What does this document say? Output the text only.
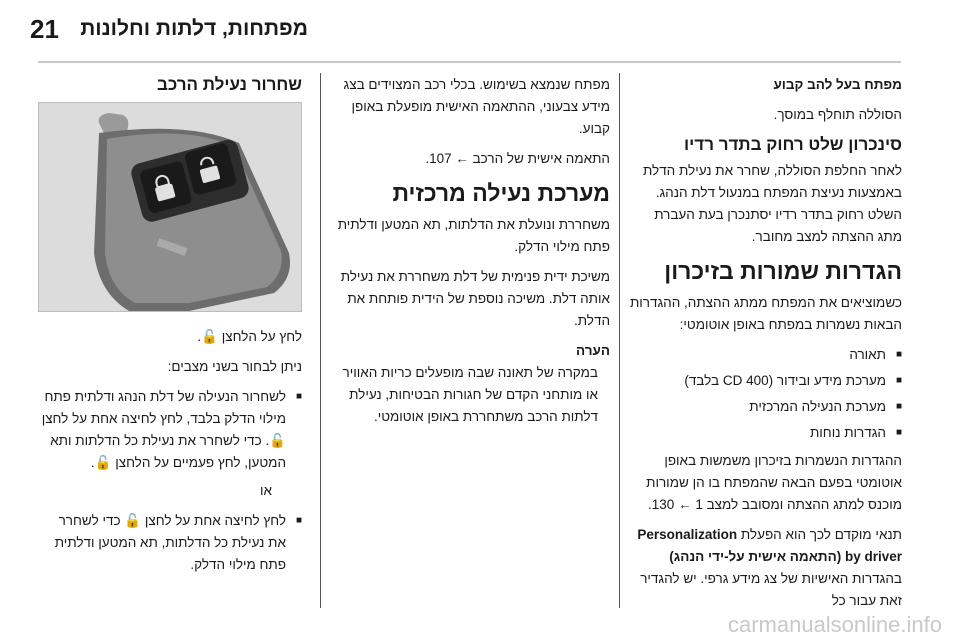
21 מפתחות, דלתות וחלונות

מפתח בעל להב קבוע

הסוללה תוחלף במוסך.

סינכרון שלט רחוק בתדר רדיו

לאחר החלפת הסוללה, שחרר את נעילת הדלת באמצעות נעיצת המפתח במנעול דלת הנהג. השלט רחוק בתדר רדיו יסתנכרן בעת העברת מתג ההצתה למצב מחובר.

הגדרות שמורות בזיכרון

כשמוציאים את המפתח ממתג ההצתה, ההגדרות הבאות נשמרות במפתח באופן אוטומטי:

■ תאורה
■ מערכת מידע ובידור (CD 400 בלבד)
■ מערכת הנעילה המרכזית
■ הגדרות נוחות

ההגדרות הנשמרות בזיכרון משמשות באופן אוטומטי בפעם הבאה שהמפתח בו הן שמורות מוכנס למתג ההצתה ומסובב למצב 1 ← 130.

תנאי מוקדם לכך הוא הפעלת Personalization by driver (התאמה אישית על-ידי הנהג) בהגדרות האישיות של צג מידע גרפי. יש להגדיר זאת עבור כל

מפתח שנמצא בשימוש. בכלי רכב המצוידים בצג מידע צבעוני, ההתאמה האישית מופעלת באופן קבוע.

התאמה אישית של הרכב ← 107.

מערכת נעילה מרכזית

משחררת ונועלת את הדלתות, תא המטען ודלתית פתח מילוי הדלק.

משיכת ידית פנימית של דלת משחררת את נעילת אותה דלת. משיכה נוספת של הידית פותחת את הדלת.

הערה

במקרה של תאונה שבה מופעלים כריות האוויר או מותחני הקדם של חגורות הבטיחות, נעילת דלתות הרכב משתחררת באופן אוטומטי.

שחרור נעילת הרכב

לחץ על הלחצן 🔓.

ניתן לבחור בשני מצבים:

■ לשחרור הנעילה של דלת הנהג ודלתית פתח מילוי הדלק בלבד, לחץ לחיצה אחת על לחצן 🔓. כדי לשחרר את נעילת כל הדלתות ותא המטען, לחץ פעמיים על הלחצן 🔓.

או

■ לחץ לחיצה אחת על לחצן 🔓 כדי לשחרר את נעילת כל הדלתות, תא המטען ודלתית פתח מילוי הדלק.
carmanualsonline.info
